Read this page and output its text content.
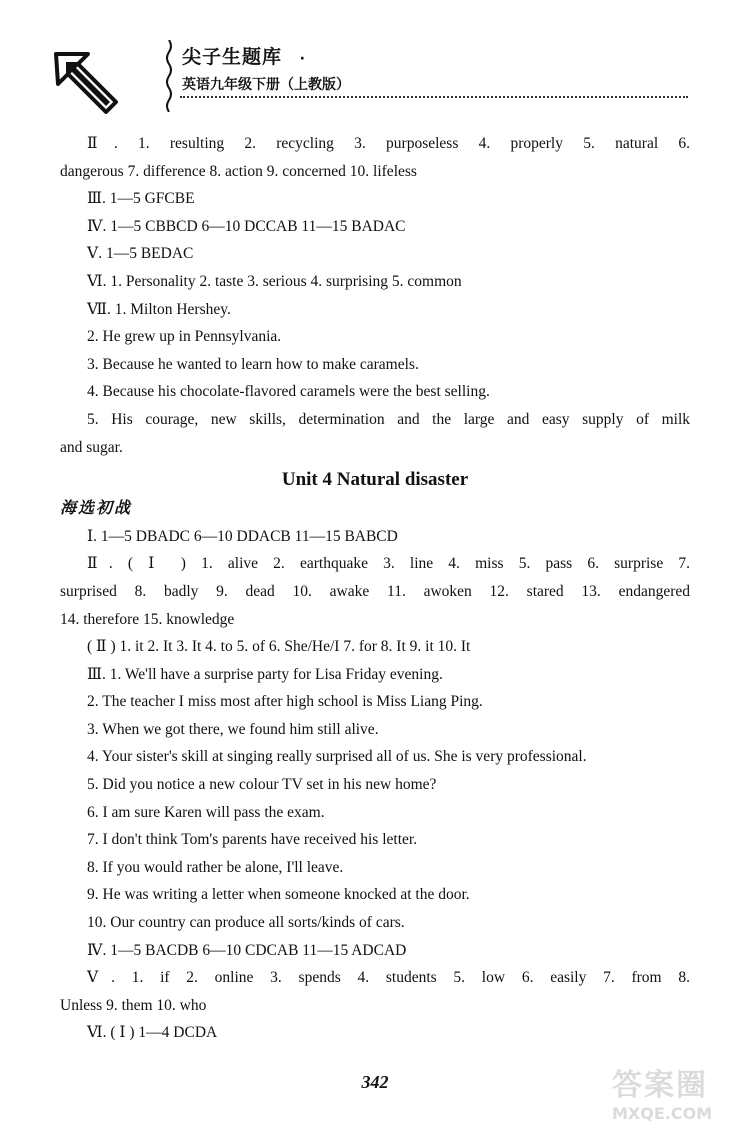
尖子生题库 ·
英语九年级下册（上教版）
Ⅱ. 1. resulting 2. recycling 3. purposeless 4. properly 5. natural 6.
dangerous 7. difference 8. action 9. concerned 10. lifeless
Ⅲ. 1—5 GFCBE
Ⅳ. 1—5 CBBCD 6—10 DCCAB 11—15 BADAC
Ⅴ. 1—5 BEDAC
Ⅵ. 1. Personality 2. taste 3. serious 4. surprising 5. common
Ⅶ. 1. Milton Hershey.
2. He grew up in Pennsylvania.
3. Because he wanted to learn how to make caramels.
4. Because his chocolate-flavored caramels were the best selling.
5. His courage, new skills, determination and the large and easy supply of milk
and sugar.
Unit 4 Natural disaster
海选初战
Ⅰ. 1—5 DBADC 6—10 DDACB 11—15 BABCD
Ⅱ. ( Ⅰ ) 1. alive 2. earthquake 3. line 4. miss 5. pass 6. surprise 7.
surprised 8. badly 9. dead 10. awake 11. awoken 12. stared 13. endangered
14. therefore 15. knowledge
( Ⅱ ) 1. it 2. It 3. It 4. to 5. of 6. She/He/I 7. for 8. It 9. it 10. It
Ⅲ. 1. We'll have a surprise party for Lisa Friday evening.
2. The teacher I miss most after high school is Miss Liang Ping.
3. When we got there, we found him still alive.
4. Your sister's skill at singing really surprised all of us. She is very professional.
5. Did you notice a new colour TV set in his new home?
6. I am sure Karen will pass the exam.
7. I don't think Tom's parents have received his letter.
8. If you would rather be alone, I'll leave.
9. He was writing a letter when someone knocked at the door.
10. Our country can produce all sorts/kinds of cars.
Ⅳ. 1—5 BACDB 6—10 CDCAB 11—15 ADCAD
Ⅴ. 1. if 2. online 3. spends 4. students 5. low 6. easily 7. from 8.
Unless 9. them 10. who
Ⅵ. ( Ⅰ ) 1—4 DCDA
342	答案圈
MXQE.COM
